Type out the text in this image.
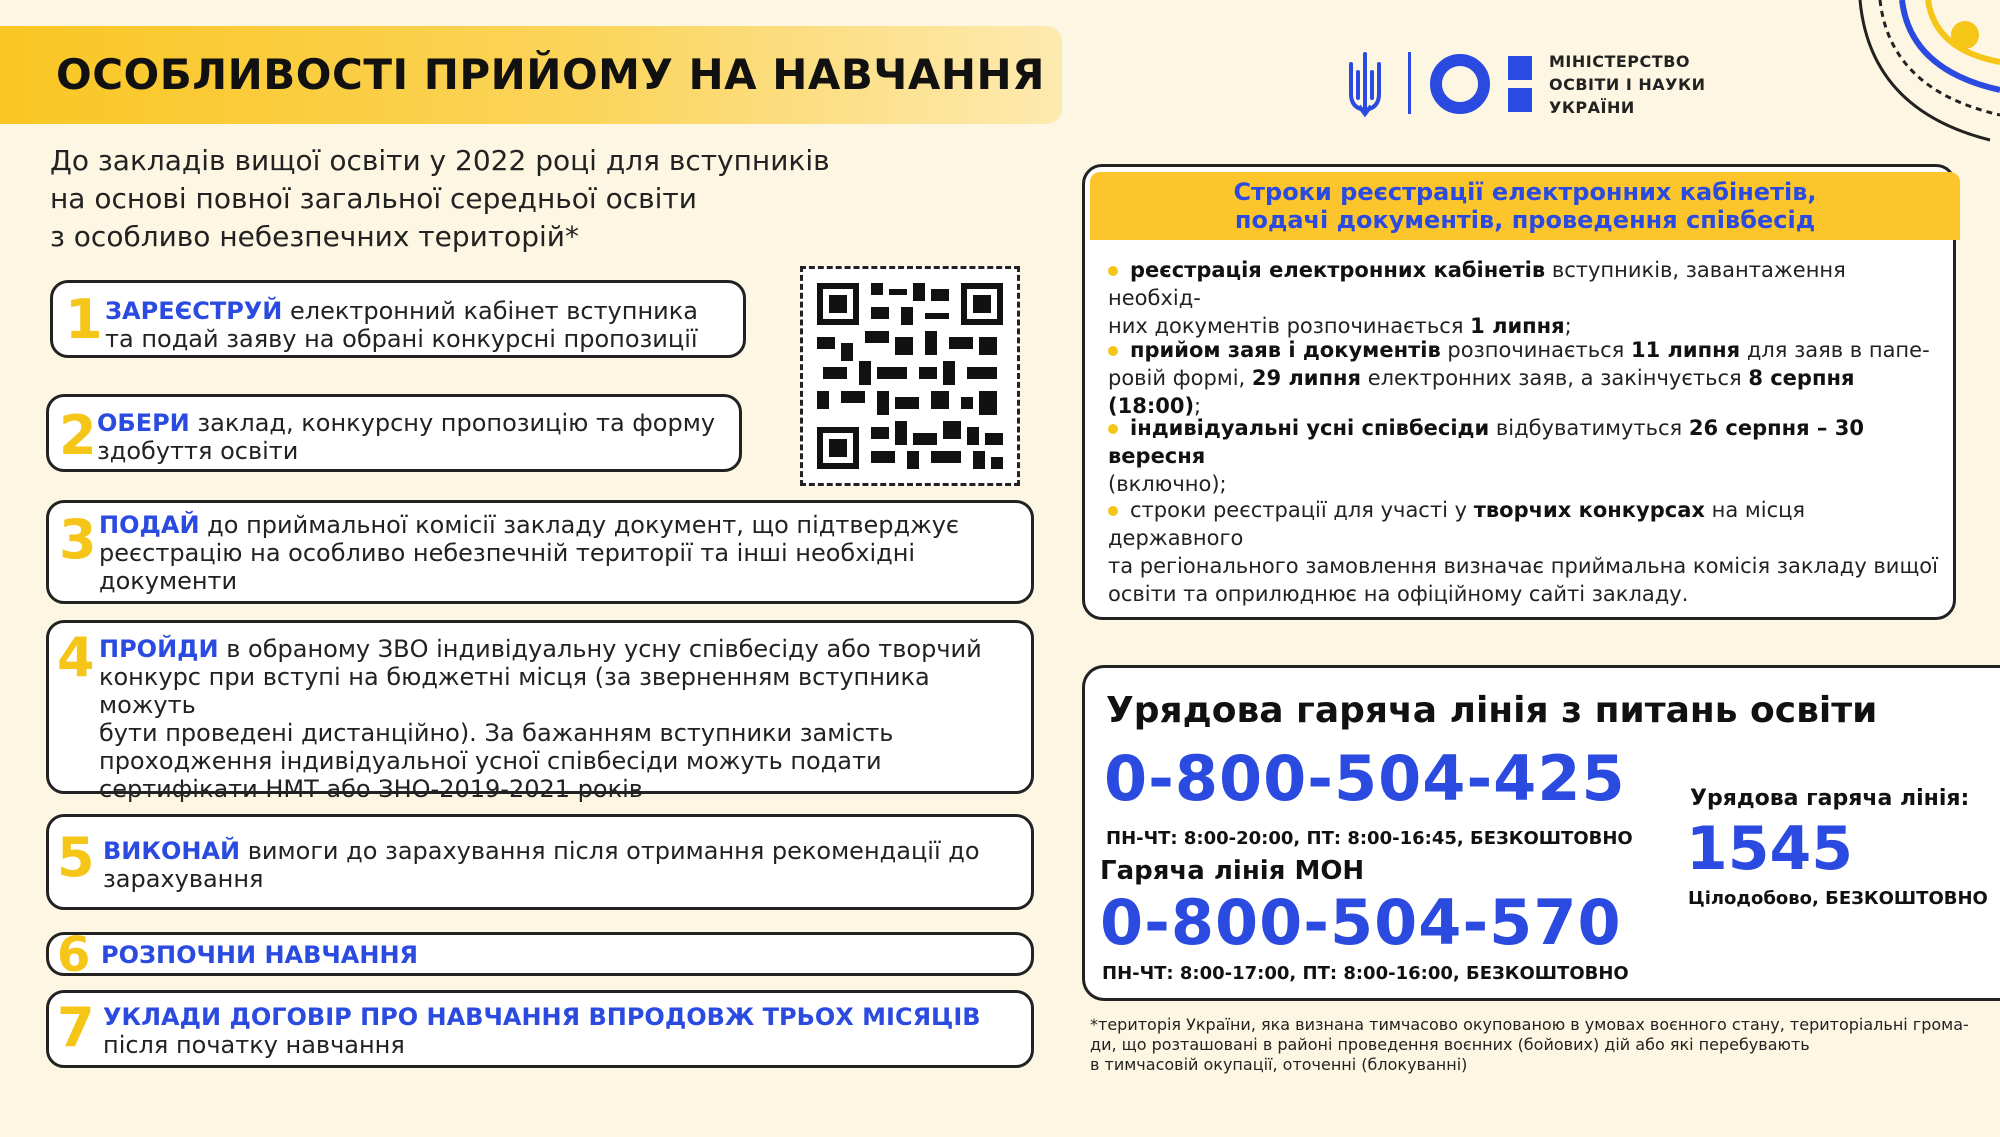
ОСОБЛИВОСТІ ПРИЙОМУ НА НАВЧАННЯ
До закладів вищої освіти у 2022 році для вступників
на основі повної загальної середньої освіти
з особливо небезпечних територій*
МІНІСТЕРСТВО
ОСВІТИ І НАУКИ
УКРАЇНИ
1 ЗАРЕЄСТРУЙ електронний кабінет вступника
та подай заяву на обрані конкурсні пропозиції
2 ОБЕРИ заклад, конкурсну пропозицію та форму
здобуття освіти
3 ПОДАЙ до приймальної комісії закладу документ, що підтверджує
реєстрацію на особливо небезпечній території та інші необхідні
документи
4 ПРОЙДИ в обраному ЗВО індивідуальну усну співбесіду або творчий
конкурс при вступі на бюджетні місця (за зверненням вступника можуть
бути проведені дистанційно). За бажанням вступники замість
проходження індивідуальної усної співбесіди можуть подати
сертифікати НМТ або ЗНО-2019-2021 років
5 ВИКОНАЙ вимоги до зарахування після отримання рекомендації до
зарахування
6 РОЗПОЧНИ НАВЧАННЯ
7 УКЛАДИ ДОГОВІР ПРО НАВЧАННЯ ВПРОДОВЖ ТРЬОХ МІСЯЦІВ
після початку навчання
Строки реєстрації електронних кабінетів,
подачі документів, проведення співбесід
реєстрація електронних кабінетів вступників, завантаження необхід-
них документів розпочинається 1 липня;
прийом заяв і документів розпочинається 11 липня для заяв в папе-
ровій формі, 29 липня електронних заяв, а закінчується 8 серпня (18:00);
індивідуальні усні співбесіди відбуватимуться 26 серпня – 30 вересня
(включно);
строки реєстрації для участі у творчих конкурсах на місця державного
та регіонального замовлення визначає приймальна комісія закладу вищої
освіти та оприлюднює на офіційному сайті закладу.
Урядова гаряча лінія з питань освіти
0-800-504-425
ПН-ЧТ: 8:00-20:00, ПТ: 8:00-16:45, БЕЗКОШТОВНО
Гаряча лінія МОН
0-800-504-570
ПН-ЧТ: 8:00-17:00, ПТ: 8:00-16:00, БЕЗКОШТОВНО
Урядова гаряча лінія:
1545
Цілодобово, БЕЗКОШТОВНО
*територія України, яка визнана тимчасово окупованою в умовах воєнного стану, територіальні грома-
ди, що розташовані в районі проведення воєнних (бойових) дій або які перебувають
в тимчасовій окупації, оточенні (блокуванні)
